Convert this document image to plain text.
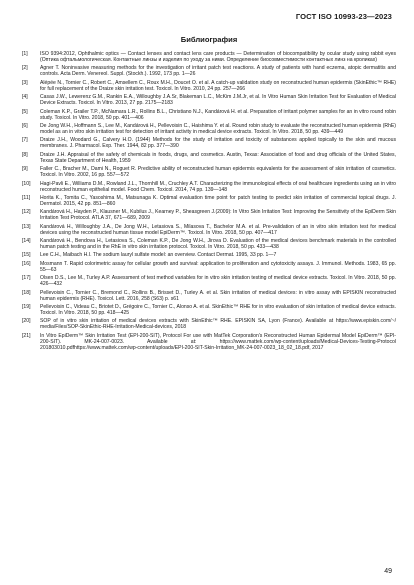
ГОСТ ISO 10993-23—2023
Библиография
[1]	ISO 9394:2012, Ophthalmic optics — Contact lenses and contact lens care products — Determination of biocompatibility by ocular study using rabbit eyes (Оптика офтальмологическая. Контактные линзы и изделия по уходу за ними. Определение биосовместимости контактных линз на кроликах)
[2]	Agner T. Noninvasive measuring methods for the investigation of irritant patch test reactions. A study of patients with hand eczema, atopic dermatitis and controls. Acta Derm. Venereol. Suppl. (Stockh.). 1992, 173 pp. 1—26
[3]	Alépée N., Tornier C., Robert C., Amsellem C., Roux M.H., Doucet O. et al. A catch-up validation study on reconstructed human epidermis (SkinEthic™ RHE) for full replacement of the Draize skin irritation test. Toxicol. In Vitro. 2010, 24 pp. 257—266
[4]	Casas J.W., Lewerenz G.M., Rankin E.A., Willoughby J.A.Sr, Blakeman L.C., McKim J.M.Jr, et al. In Vitro Human Skin Irritation Test for Evaluation of Medical Device Extracts. Toxicol. In Vitro. 2013, 27 pp. 2175—2183
[5]	Coleman K.P., Grailer T.P., McNamara L.R., Rollins B.L., Christiano N.J., Kandárová H. et al. Preparation of irritant polymer samples for an in vitro round robin study. Toxicol. In Vitro. 2018, 50 pp. 401—406
[6]	De Jong W.H., Hoffmann S., Lee M., Kandárová H., Pellevoisin C., Haishima Y. et al. Round robin study to evaluate the reconstructed human epidermis (RhE) model as an in vitro skin irritation test for detection of irritant activity in medical device extracts. Toxicol. In Vitro. 2018, 50 pp. 439—449
[7]	Draize J.H., Woodard G., Calvery H.O. (1944) Methods for the study of irritation and toxicity of substances applied topically to the skin and mucous membranes. J. Pharmacol. Exp. Ther. 1944, 82 pp. 377—390
[8]	Draize J.H. Appraisal of the safety of chemicals in foods, drugs, and cosmetics. Austin, Texas: Association of food and drug officials of the United States, Texas State Department of Health, 1959
[9]	Faller C., Bracher M., Dami N., Roguet R. Predictive ability of reconstructed human epidermis equivalents for the assessment of skin irritation of cosmetics. Toxicol. In Vitro. 2002, 16 pp. 557—572
[10]	Hagi-Pavli E., Williams D.M., Rowland J.L., Thornhill M., Cruchley A.T. Characterizing the immunological effects of oral healthcare ingredients using an in vitro reconstructed human epithelial model. Food Chem. Toxicol. 2014, 74 pp. 139—148
[11]	Horita K., Tomita C., Yasoshima M., Matsunaga K. Optimal evaluation time point for patch testing to predict skin irritation of commercial topical drugs. J. Dermatol. 2015, 42 pp. 851—860
[12]	Kandárová H., Hayden P., Klausner M., Kubilus J., Kearney P., Sheasgreen J.(2009): In Vitro Skin Irritation Test: Improving the Sensitivity of the EpiDerm Skin Irritation Test Protocol. ATLA 37, 671—689, 2009
[13]	Kandárová H., Willoughby J.A., De Jong W.H., Letasiova S., Milasova T., Bachelor M.A. et al. Pre-validation of an in vitro skin irritation test for medical devices using the reconstructed human tissue model EpiDerm™. Toxicol. In Vitro. 2018, 50 pp. 407—417
[14]	Kandárová H., Bendova H., Letasiova S., Coleman K.P., De Jong W.H., Jirova D. Evaluation of the medical devices benchmark materials in the controlled human patch testing and in the RhE in vitro skin irritation protocol. Toxicol. In Vitro. 2018, 50 pp. 433—438
[15]	Lee C.H., Maibach H.I. The sodium lauryl sulfate model: an overview. Contact Dermat. 1995, 33 pp. 1—7
[16]	Mosmann T. Rapid colorimetric assay for cellular growth and survival: application to proliferation and cytotoxicity assays. J. Immunol. Methods. 1983, 65 pp. 55—63
[17]	Olsen D.S., Lee M., Turley A.P. Assessment of test method variables for in vitro skin irritation testing of medical device extracts. Toxicol. In Vitro. 2018, 50 pp. 426—432
[18]	Pellevoisin C., Tornier C., Bremond C., Rollins B., Brisset D., Turley A. et al. Skin irritation of medical devices: in vitro assay with EPISKIN reconstructed human epidermis (RHE). Toxicol. Lett. 2016, 258 (S63) p. s61
[19]	Pellevoisin C., Videau C., Briotet D., Grégoire C., Tornier C., Alonso A. et al. SkinEthic™ RHE for in vitro evaluation of skin irritation of medical device extracts. Toxicol. In Vitro. 2018, 50 pp. 418—425
[20]	SOP of in vitro skin irritation of medical devices extracts with SkinEthic™ RHE. EPISKIN SA, Lyon (France). Available at https://www.episkin.com/~/ media/Files/SOP-SkinEthic-RHE-Irritation-Medical-devices, 2018
[21]	In Vitro EpiDerm™ Skin Irritation Test (EPI-200-SIT), Protocol For use with MatTek Corporation's Reconstructed Human Epidermal Model EpiDerm™ (EPI-200-SIT). MK-24-007-0023. Available at: https://www.mattek.com/wp-content/uploads/Medical-Devices-Testing-Protocol 201803010.pdfhttps://www.mattek.com/wp-content/uploads/EPI-200-SIT-Skin-Irritation_MK-24-007-0023_18_02_18.pdf, 2017
49
